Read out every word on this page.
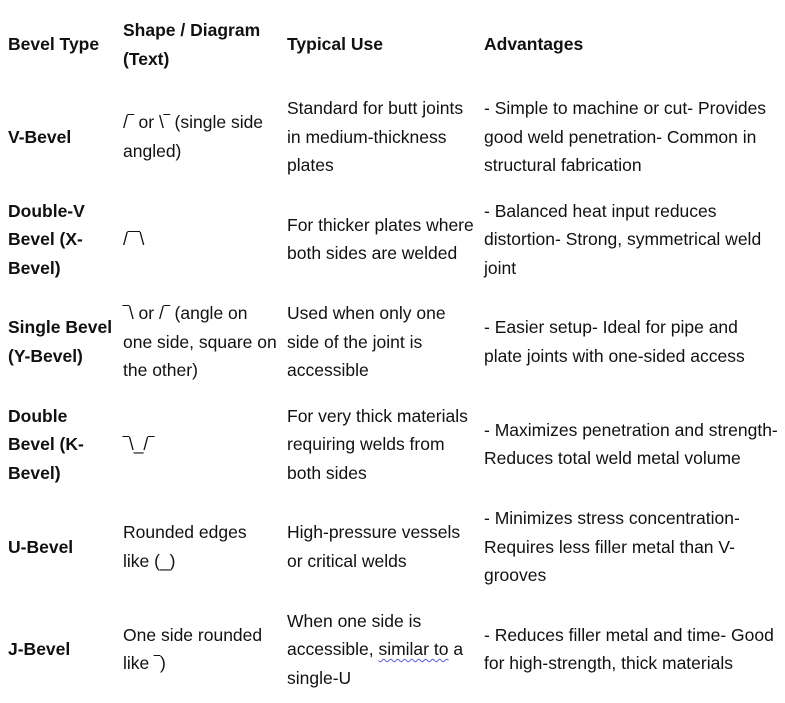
Bevel Type	Shape / Diagram (Text)	Typical Use	Advantages
V-Bevel	/‾ or \‾ (single side angled)	Standard for butt joints in medium-thickness plates	- Simple to machine or cut- Provides good weld penetration- Common in structural fabrication
Double-V Bevel (X-Bevel)	/‾‾\	For thicker plates where both sides are welded	- Balanced heat input reduces distortion- Strong, symmetrical weld joint
Single Bevel (Y-Bevel)	‾\ or /‾ (angle on one side, square on the other)	Used when only one side of the joint is accessible	- Easier setup- Ideal for pipe and plate joints with one-sided access
Double Bevel (K-Bevel)	‾\_/‾	For very thick materials requiring welds from both sides	- Maximizes penetration and strength- Reduces total weld metal volume
U-Bevel	Rounded edges like (_)	High-pressure vessels or critical welds	- Minimizes stress concentration- Requires less filler metal than V-grooves
J-Bevel	One side rounded like ‾)	When one side is accessible, similar to a single-U	- Reduces filler metal and time- Good for high-strength, thick materials
